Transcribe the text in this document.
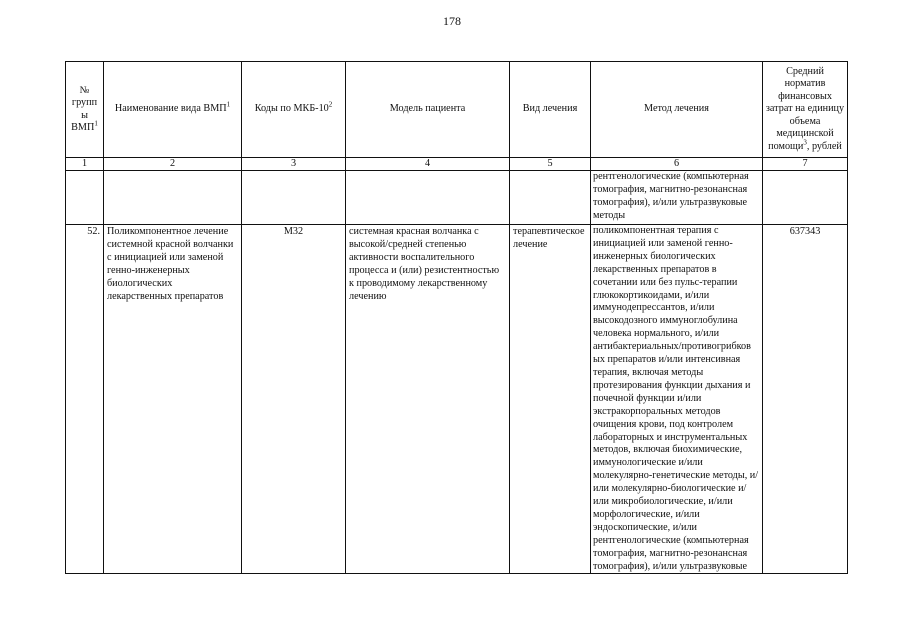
178
№ групп ы ВМП$^1$	Наименование вида ВМП$^1$	Коды по МКБ-$10^2$	Модель пациента	Вид лечения	Метод лечения	Средний норматив финансовых затрат на единицу объема медицинской помощи$^3$, рублей
1	2	3	4	5	6	7
					рентгенологические (компьютерная томография, магнитно-резонансная томография), и/или ультразвуковые методы	
52.	Поликомпонентное лечение системной красной волчанки с инициацией или заменой генно-инженерных биологических лекарственных препаратов	M32	системная красная волчанка с высокой/средней степенью активности воспалительного процесса и (или) резистентностью к проводимому лекарственному лечению	терапевтическое лечение	поликомпонентная терапия с инициацией или заменой генно-инженерных биологических лекарственных препаратов в сочетании или без пульс-терапии глюкокортикоидами, и/или иммунодепрессантов, и/или высокодозного иммуноглобулина человека нормального, и/или антибактериальных/противогрибков ых препаратов и/или интенсивная терапия, включая методы протезирования функции дыхания и почечной функции и/или экстракорпоральных методов очищения крови, под контролем лабораторных и инструментальных методов, включая биохимические, иммунологические и/или молекулярно-генетические методы, и/или молекулярно-биологические и/или микробиологические, и/или морфологические, и/или эндоскопические, и/или рентгенологические (компьютерная томография, магнитно-резонансная томография), и/или ультразвуковые	637343
